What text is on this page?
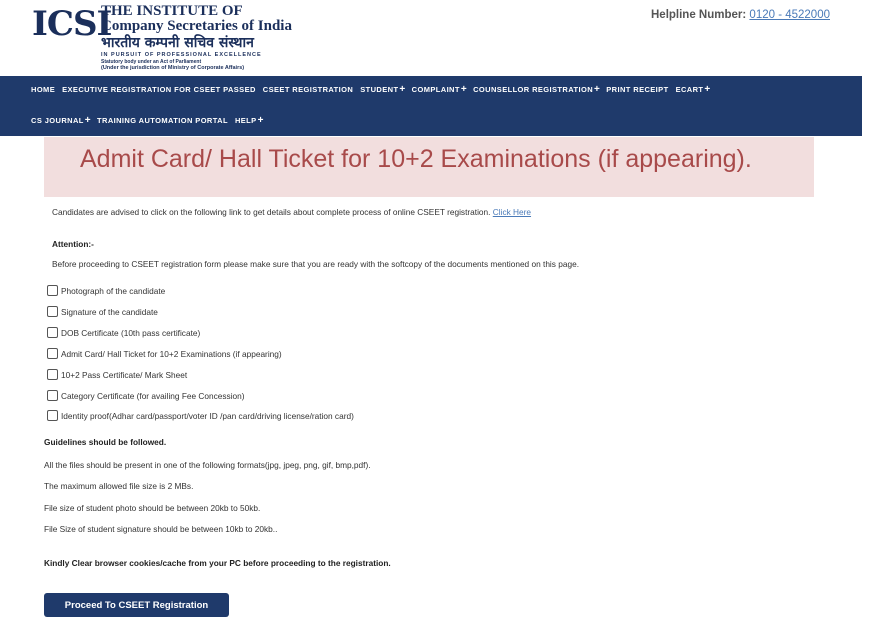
ICSI
THE INSTITUTE OF
Company Secretaries of India
भारतीय कम्पनी सचिव संस्थान
IN PURSUIT OF PROFESSIONAL EXCELLENCE
Statutory body under an Act of Parliament
(Under the jurisdiction of Ministry of Corporate Affairs)
Helpline Number: 0120 - 4522000
HOME EXECUTIVE REGISTRATION FOR CSEET PASSED CSEET REGISTRATION STUDENT+ COMPLAINT+ COUNSELLOR REGISTRATION+ PRINT RECEIPT ECART+
CS JOURNAL+ TRAINING AUTOMATION PORTAL HELP+
Admit Card/ Hall Ticket for 10+2 Examinations (if appearing).
Candidates are advised to click on the following link to get details about complete process of online CSEET registration. Click Here
Attention:-
Before proceeding to CSEET registration form please make sure that you are ready with the softcopy of the documents mentioned on this page.
Photograph of the candidate
Signature of the candidate
DOB Certificate (10th pass certificate)
Admit Card/ Hall Ticket for 10+2 Examinations (if appearing)
10+2 Pass Certificate/ Mark Sheet
Category Certificate (for availing Fee Concession)
Identity proof(Adhar card/passport/voter ID /pan card/driving license/ration card)
Guidelines should be followed.
All the files should be present in one of the following formats(jpg, jpeg, png, gif, bmp,pdf).
The maximum allowed file size is 2 MBs.
File size of student photo should be between 20kb to 50kb.
File Size of student signature should be between 10kb to 20kb..
Kindly Clear browser cookies/cache from your PC before proceeding to the registration.
Proceed To CSEET Registration
